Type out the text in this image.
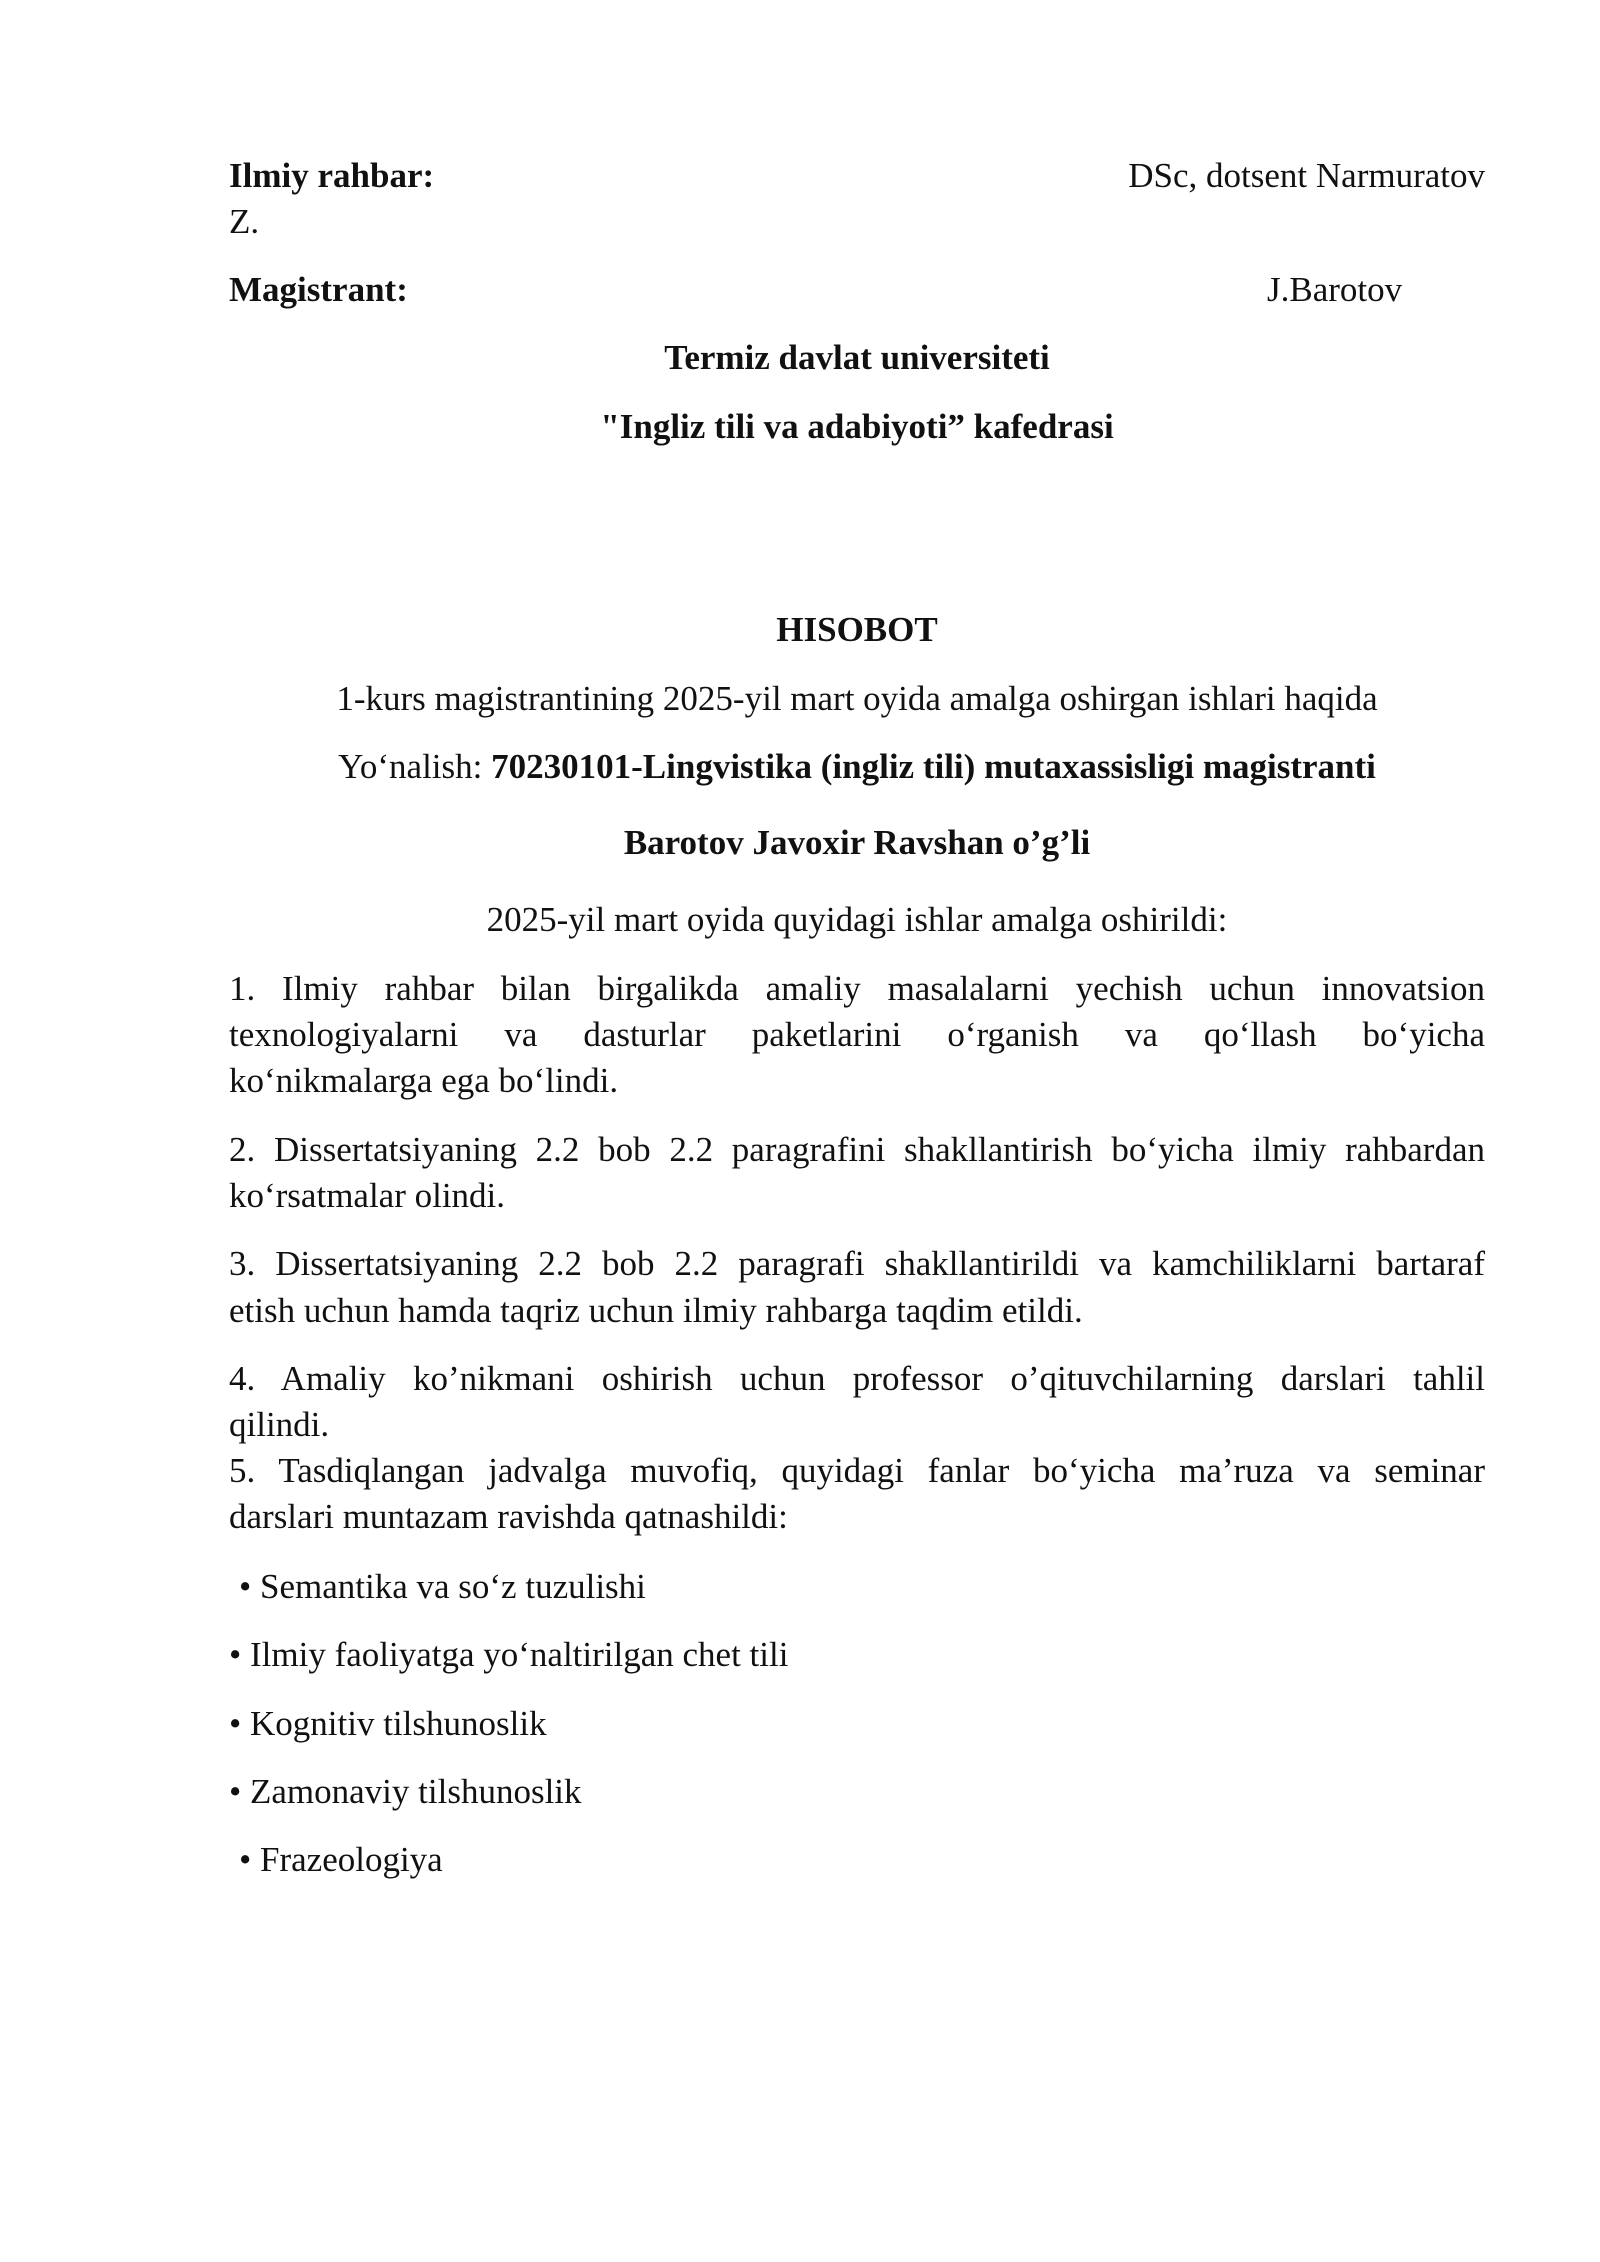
Ilmiy rahbar:	DSc, dotsent Narmuratov
Z.
Magistrant:	J.Barotov
Termiz davlat universiteti
"Ingliz tili va adabiyoti” kafedrasi
HISOBOT
1-kurs magistrantining 2025-yil mart oyida amalga oshirgan ishlari haqida
Yo‘nalish: 70230101-Lingvistika (ingliz tili) mutaxassisligi magistranti
Barotov Javoxir Ravshan o’g’li
2025-yil mart oyida quyidagi ishlar amalga oshirildi:
1. Ilmiy rahbar bilan birgalikda amaliy masalalarni yechish uchun innovatsion
texnologiyalarni va dasturlar paketlarini o‘rganish va qo‘llash bo‘yicha
ko‘nikmalarga ega bo‘lindi.
2. Dissertatsiyaning 2.2 bob 2.2 paragrafini shakllantirish bo‘yicha ilmiy rahbardan
ko‘rsatmalar olindi.
3. Dissertatsiyaning 2.2 bob 2.2 paragrafi shakllantirildi va kamchiliklarni bartaraf
etish uchun hamda taqriz uchun ilmiy rahbarga taqdim etildi.
4. Amaliy ko’nikmani oshirish uchun professor o’qituvchilarning darslari tahlil
qilindi.
5. Tasdiqlangan jadvalga muvofiq, quyidagi fanlar bo‘yicha ma’ruza va seminar
darslari muntazam ravishda qatnashildi:
• Semantika va so‘z tuzulishi
• Ilmiy faoliyatga yo‘naltirilgan chet tili
• Kognitiv tilshunoslik
• Zamonaviy tilshunoslik
• Frazeologiya
